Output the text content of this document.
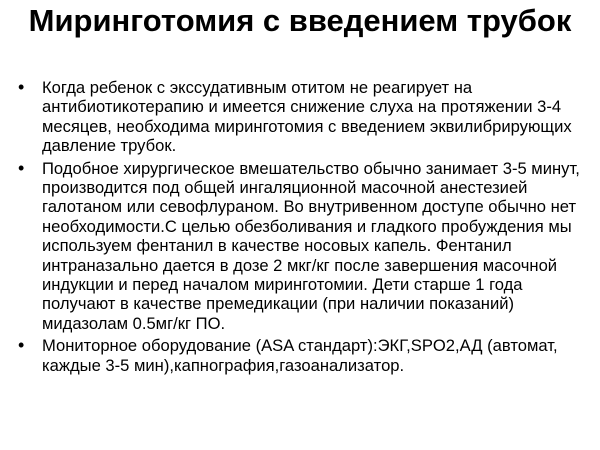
Миринготомия с введением трубок
• Когда ребенок с экссудативным отитом не реагирует на антибиотикотерапию и имеется снижение слуха на протяжении 3-4 месяцев, необходима миринготомия с введением эквилибрирующих давление трубок.
• Подобное хирургическое вмешательство обычно занимает 3-5 минут, производится под общей ингаляционной масочной анестезией галотаном или севофлураном. Во внутривенном доступе обычно нет необходимости.С целью обезболивания и гладкого пробуждения мы используем фентанил в качестве носовых капель. Фентанил интраназально дается в дозе 2 мкг/кг после завершения масочной индукции и перед началом миринготомии. Дети старше 1 года получают в качестве премедикации (при наличии показаний) мидазолам 0.5мг/кг ПО.
• Мониторное оборудование (ASA стандарт):ЭКГ,SPO2,АД (автомат, каждые 3-5 мин),капнография,газоанализатор.
